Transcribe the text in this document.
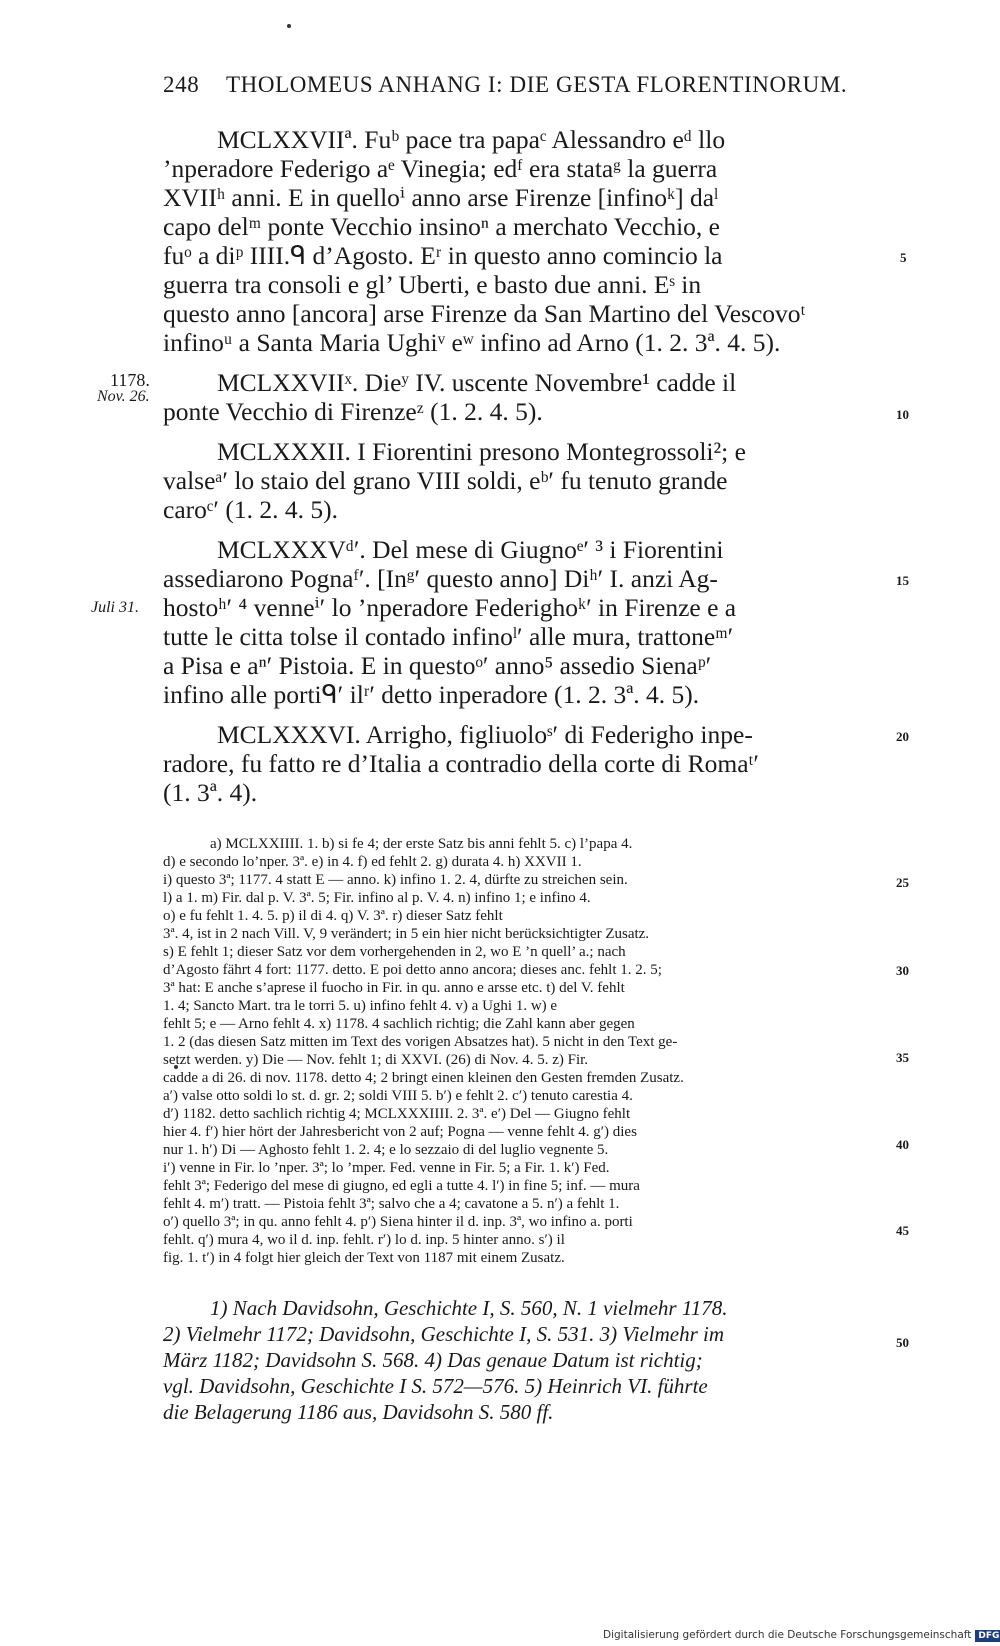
248 THOLOMEUS ANHANG I: DIE GESTA FLORENTINORUM.
MCLXXVIIª. Fuᵇ pace tra papaᶜ Alessandro eᵈ llo
’nperadore Federigo aᵉ Vinegia; edᶠ era stataᵍ la guerra
XVIIʰ anni. E in quelloⁱ anno arse Firenze [infinoᵏ] daˡ
capo delᵐ ponte Vecchio insinoⁿ a merchato Vecchio, e
fuᵒ a diᵖ IIII.ᑫ d’Agosto. Eʳ in questo anno comincio la
guerra tra consoli e gl’ Uberti, e basto due anni. Eˢ in
questo anno [ancora] arse Firenze da San Martino del Vescovoᵗ
infinoᵘ a Santa Maria Ughiᵛ eʷ infino ad Arno (1. 2. 3ª. 4. 5).
MCLXXVIIˣ. Dieʸ IV. uscente Novembre¹ cadde il
ponte Vecchio di Firenzeᶻ (1. 2. 4. 5).
MCLXXXII. I Fiorentini presono Montegrossoli²; e
valseᵃ′ lo staio del grano VIII soldi, eᵇ′ fu tenuto grande
caroᶜ′ (1. 2. 4. 5).
MCLXXXVᵈ′. Del mese di Giugnoᵉ′ ³ i Fiorentini
assediarono Pognaᶠ′. [Inᵍ′ questo anno] Diʰ′ I. anzi Ag-
hostoʰ′ ⁴ venneⁱ′ lo ’nperadore Federighoᵏ′ in Firenze e a
tutte le citta tolse il contado infinoˡ′ alle mura, trattoneᵐ′
a Pisa e aⁿ′ Pistoia. E in questoᵒ′ anno⁵ assedio Sienaᵖ′
infino alle portiᑫ′ ilʳ′ detto inperadore (1. 2. 3ª. 4. 5).
MCLXXXVI. Arrigho, figliuoloˢ′ di Federigho inpe-
radore, fu fatto re d’Italia a contradio della corte di Romaᵗ′
(1. 3ª. 4).
1178.
Nov. 26.
Juli 31.
5
10
15
20
25
30
35
40
45
50
a) MCLXXIIII. 1. b) si fe 4; der erste Satz bis anni fehlt 5. c) l’papa 4.
d) e secondo lo’nper. 3ª. e) in 4. f) ed fehlt 2. g) durata 4. h) XXVII 1.
i) questo 3ª; 1177. 4 statt E — anno. k) infino 1. 2. 4, dürfte zu streichen sein.
l) a 1. m) Fir. dal p. V. 3ª. 5; Fir. infino al p. V. 4. n) infino 1; e infino 4.
o) e fu fehlt 1. 4. 5. p) il di 4. q) V. 3ª. r) dieser Satz fehlt
3ª. 4, ist in 2 nach Vill. V, 9 verändert; in 5 ein hier nicht berücksichtigter Zusatz.
s) E fehlt 1; dieser Satz vor dem vorhergehenden in 2, wo E ’n quell’ a.; nach
d’Agosto fährt 4 fort: 1177. detto. E poi detto anno ancora; dieses anc. fehlt 1. 2. 5;
3ª hat: E anche s’aprese il fuocho in Fir. in qu. anno e arsse etc. t) del V. fehlt
1. 4; Sancto Mart. tra le torri 5. u) infino fehlt 4. v) a Ughi 1. w) e
fehlt 5; e — Arno fehlt 4. x) 1178. 4 sachlich richtig; die Zahl kann aber gegen
1. 2 (das diesen Satz mitten im Text des vorigen Absatzes hat). 5 nicht in den Text ge-
setzt werden. y) Die — Nov. fehlt 1; di XXVI. (26) di Nov. 4. 5. z) Fir.
cadde a di 26. di nov. 1178. detto 4; 2 bringt einen kleinen den Gesten fremden Zusatz.
a′) valse otto soldi lo st. d. gr. 2; soldi VIII 5. b′) e fehlt 2. c′) tenuto carestia 4.
d′) 1182. detto sachlich richtig 4; MCLXXXIIII. 2. 3ª. e′) Del — Giugno fehlt
hier 4. f′) hier hört der Jahresbericht von 2 auf; Pogna — venne fehlt 4. g′) dies
nur 1. h′) Di — Aghosto fehlt 1. 2. 4; e lo sezzaio di del luglio vegnente 5.
i′) venne in Fir. lo ’nper. 3ª; lo ’mper. Fed. venne in Fir. 5; a Fir. 1. k′) Fed.
fehlt 3ª; Federigo del mese di giugno, ed egli a tutte 4. l′) in fine 5; inf. — mura
fehlt 4. m′) tratt. — Pistoia fehlt 3ª; salvo che a 4; cavatone a 5. n′) a fehlt 1.
o′) quello 3ª; in qu. anno fehlt 4. p′) Siena hinter il d. inp. 3ª, wo infino a. porti
fehlt. q′) mura 4, wo il d. inp. fehlt. r′) lo d. inp. 5 hinter anno. s′) il
fig. 1. t′) in 4 folgt hier gleich der Text von 1187 mit einem Zusatz.
1) Nach Davidsohn, Geschichte I, S. 560, N. 1 vielmehr 1178.
2) Vielmehr 1172; Davidsohn, Geschichte I, S. 531. 3) Vielmehr im
März 1182; Davidsohn S. 568. 4) Das genaue Datum ist richtig;
vgl. Davidsohn, Geschichte I S. 572—576. 5) Heinrich VI. führte
die Belagerung 1186 aus, Davidsohn S. 580 ff.
Digitalisierung gefördert durch die Deutsche Forschungsgemeinschaft DFG
